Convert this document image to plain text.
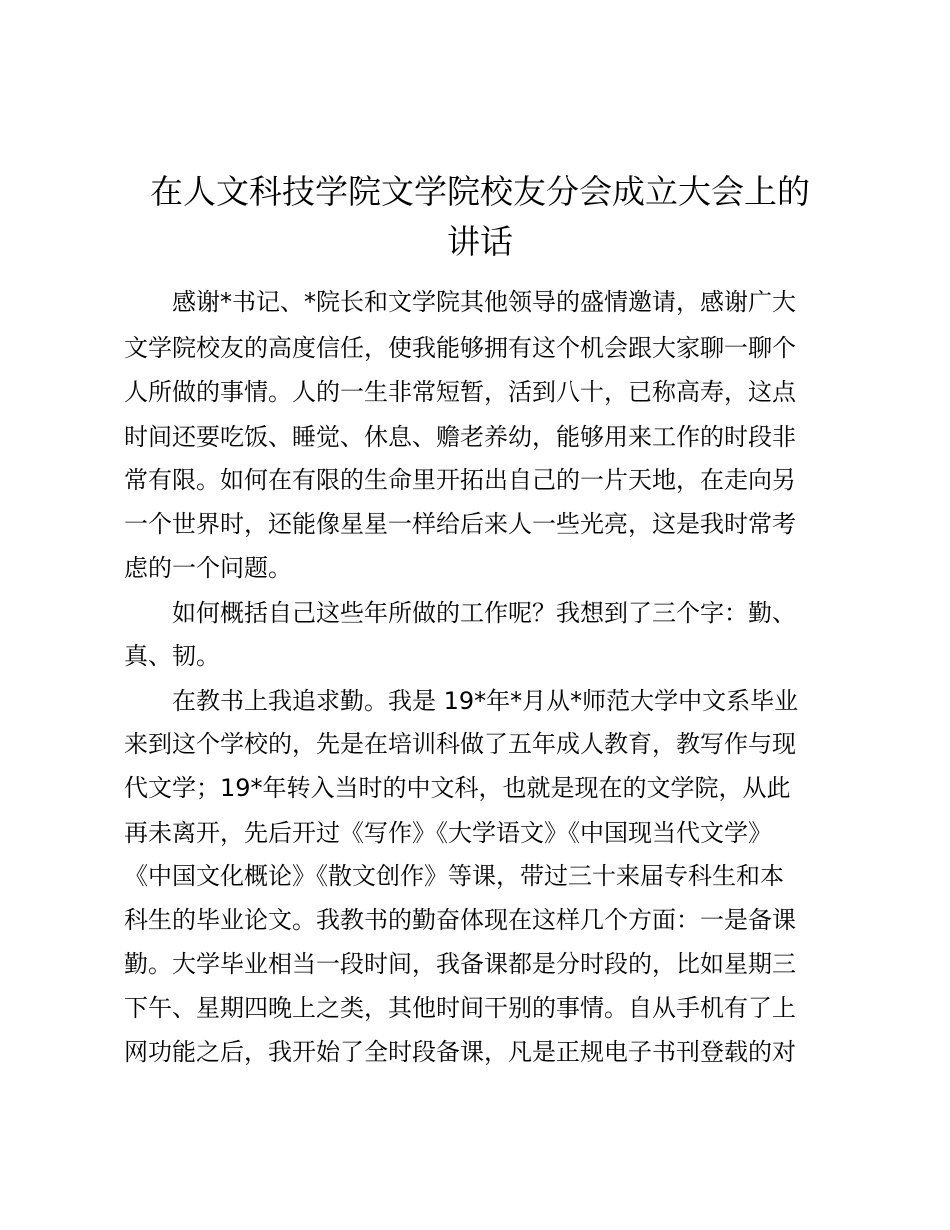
在人文科技学院文学院校友分会成立大会上的
讲话
感谢*书记、*院长和文学院其他领导的盛情邀请，感谢广大
文学院校友的高度信任，使我能够拥有这个机会跟大家聊一聊个
人所做的事情。人的一生非常短暂，活到八十，已称高寿，这点
时间还要吃饭、睡觉、休息、赡老养幼，能够用来工作的时段非
常有限。如何在有限的生命里开拓出自己的一片天地，在走向另
一个世界时，还能像星星一样给后来人一些光亮，这是我时常考
虑的一个问题。
如何概括自己这些年所做的工作呢？我想到了三个字：勤、
真、韧。
在教书上我追求勤。我是 19*年*月从*师范大学中文系毕业
来到这个学校的，先是在培训科做了五年成人教育，教写作与现
代文学；19*年转入当时的中文科，也就是现在的文学院，从此
再未离开，先后开过《写作》《大学语文》《中国现当代文学》
《中国文化概论》《散文创作》等课，带过三十来届专科生和本
科生的毕业论文。我教书的勤奋体现在这样几个方面：一是备课
勤。大学毕业相当一段时间，我备课都是分时段的，比如星期三
下午、星期四晚上之类，其他时间干别的事情。自从手机有了上
网功能之后，我开始了全时段备课，凡是正规电子书刊登载的对
